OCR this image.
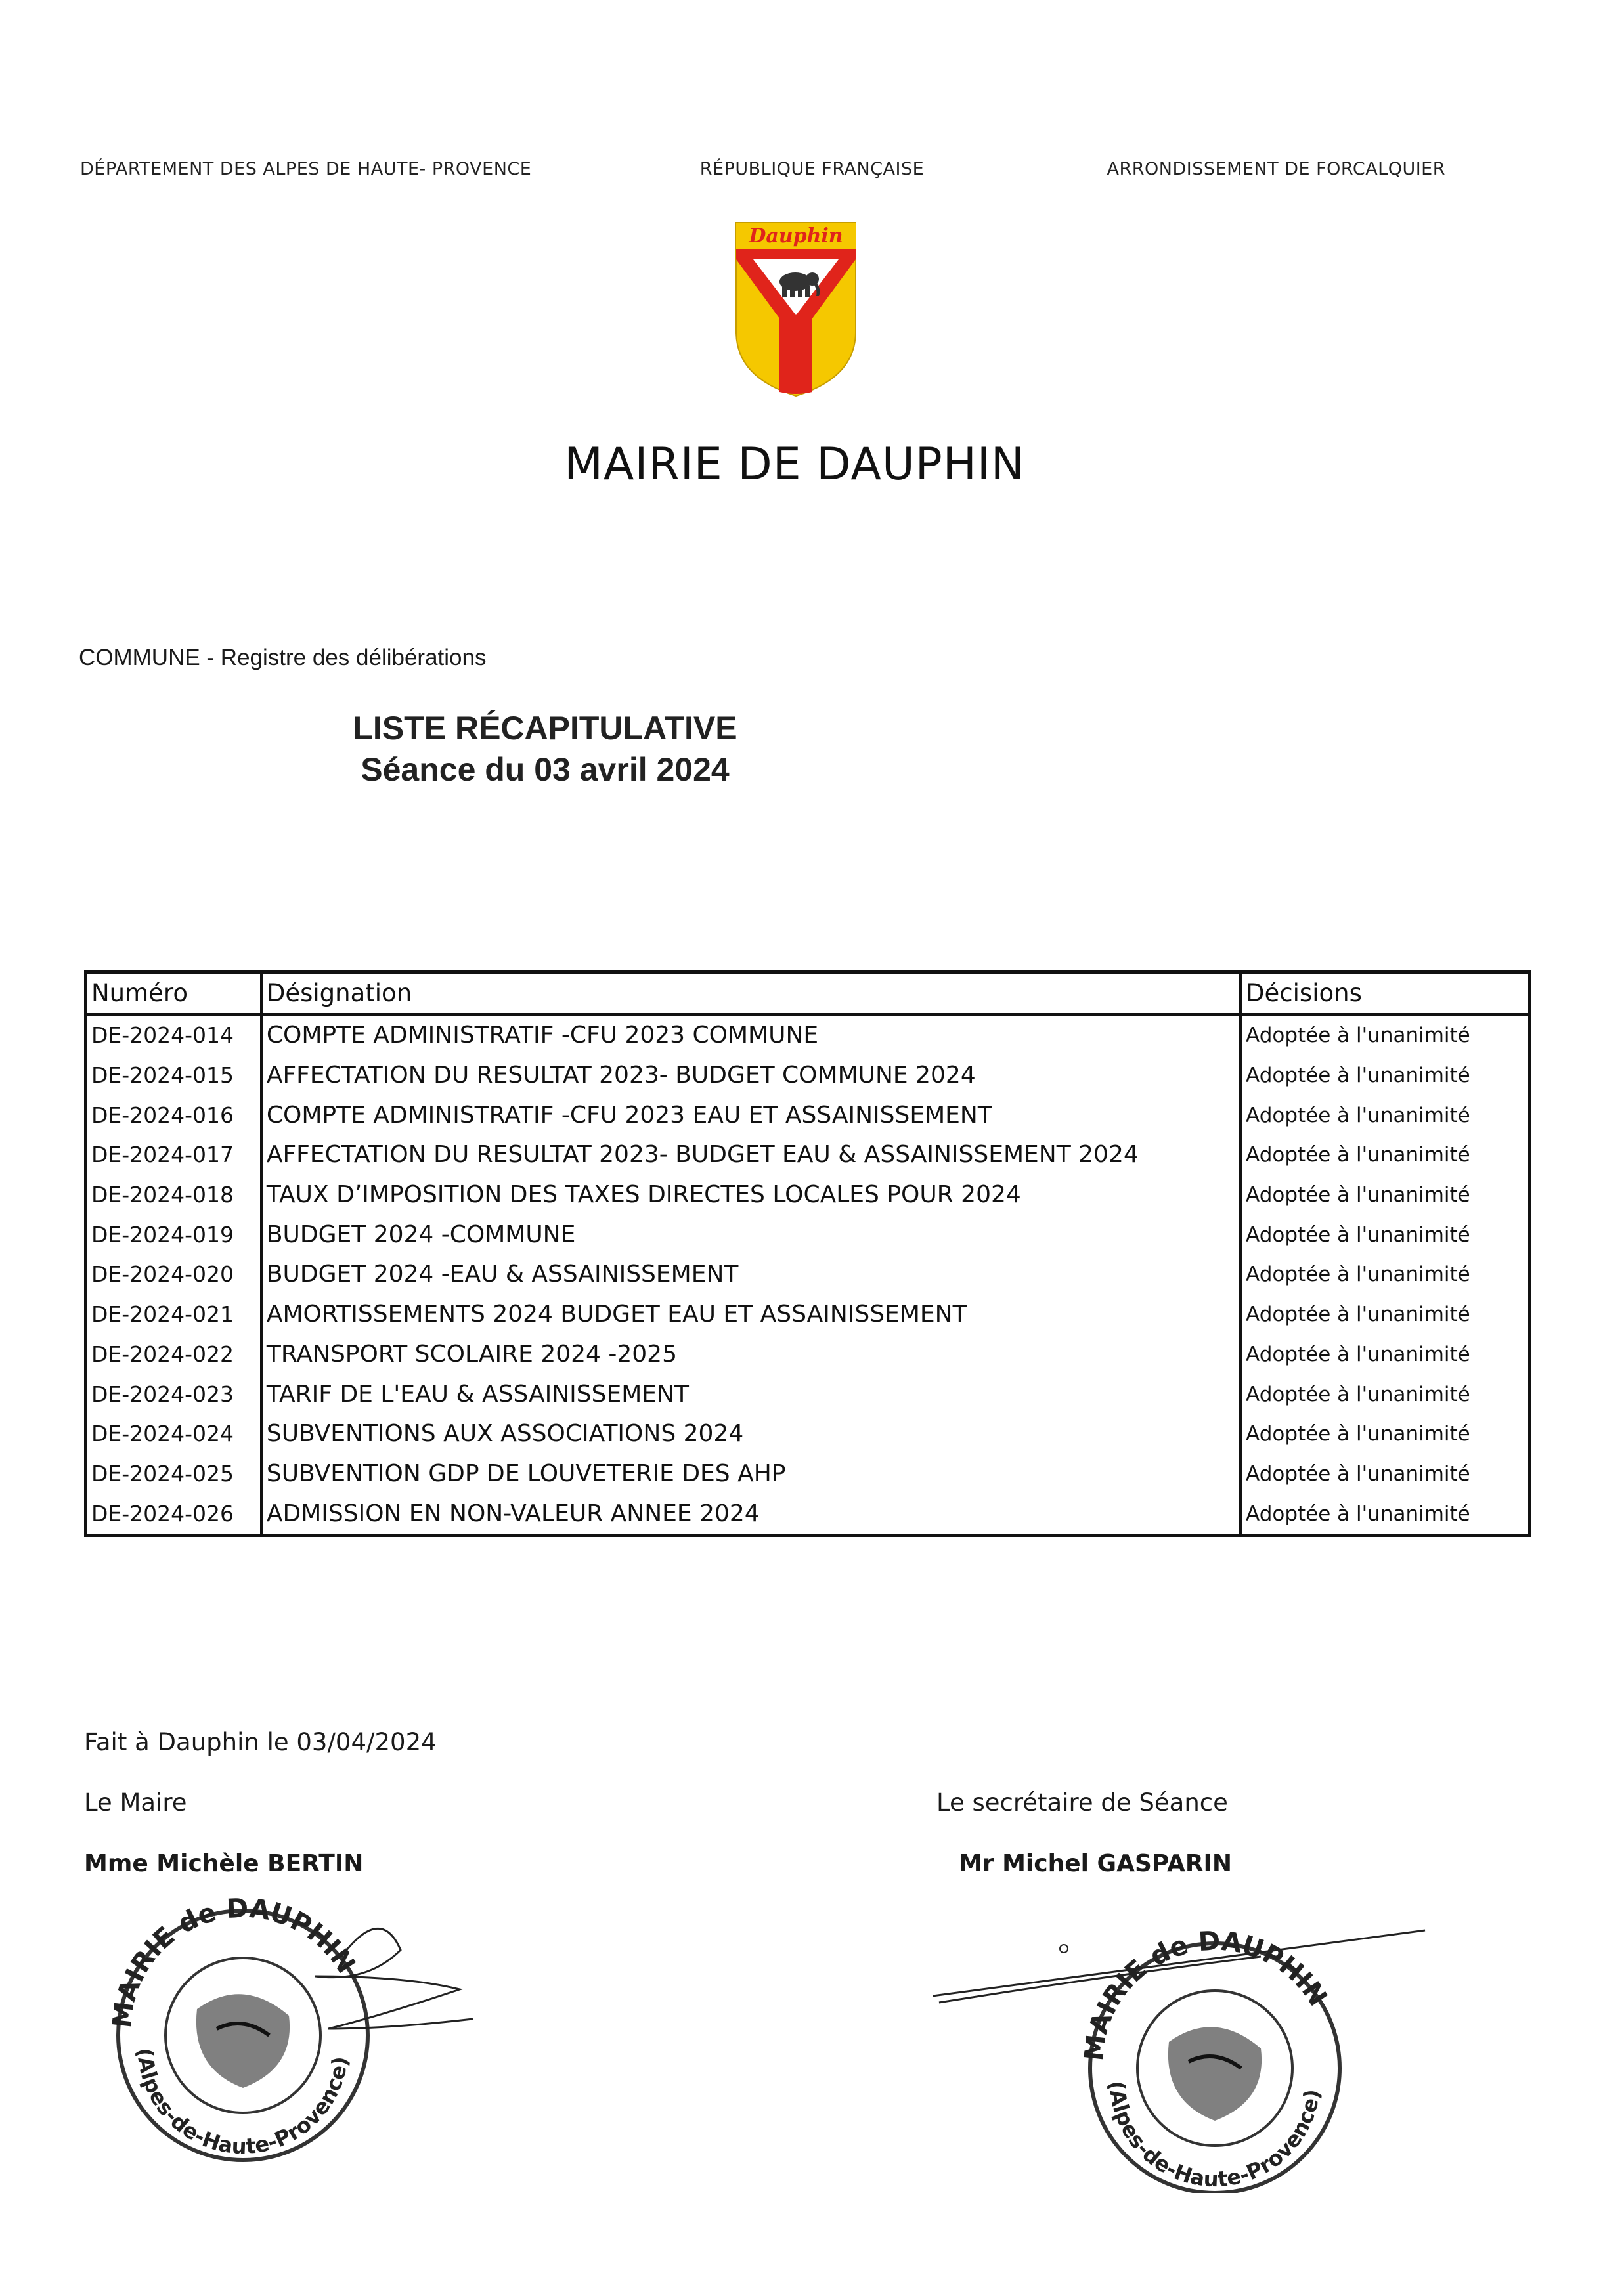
DÉPARTEMENT DES ALPES DE HAUTE- PROVENCE	RÉPUBLIQUE FRANÇAISE	ARRONDISSEMENT DE FORCALQUIER
Dauphin
MAIRIE DE DAUPHIN
COMMUNE - Registre des délibérations
LISTE RÉCAPITULATIVE
Séance du 03 avril 2024
Numéro	Désignation	Décisions
DE-2024-014	COMPTE ADMINISTRATIF -CFU 2023 COMMUNE	Adoptée à l'unanimité
DE-2024-015	AFFECTATION DU RESULTAT 2023- BUDGET COMMUNE 2024	Adoptée à l'unanimité
DE-2024-016	COMPTE ADMINISTRATIF -CFU 2023 EAU ET ASSAINISSEMENT	Adoptée à l'unanimité
DE-2024-017	AFFECTATION DU RESULTAT 2023- BUDGET EAU & ASSAINISSEMENT 2024	Adoptée à l'unanimité
DE-2024-018	TAUX D’IMPOSITION DES TAXES DIRECTES LOCALES POUR 2024	Adoptée à l'unanimité
DE-2024-019	BUDGET 2024 -COMMUNE	Adoptée à l'unanimité
DE-2024-020	BUDGET 2024 -EAU & ASSAINISSEMENT	Adoptée à l'unanimité
DE-2024-021	AMORTISSEMENTS 2024 BUDGET EAU ET ASSAINISSEMENT	Adoptée à l'unanimité
DE-2024-022	TRANSPORT SCOLAIRE 2024 -2025	Adoptée à l'unanimité
DE-2024-023	TARIF DE L'EAU & ASSAINISSEMENT	Adoptée à l'unanimité
DE-2024-024	SUBVENTIONS AUX ASSOCIATIONS 2024	Adoptée à l'unanimité
DE-2024-025	SUBVENTION GDP DE LOUVETERIE DES AHP	Adoptée à l'unanimité
DE-2024-026	ADMISSION EN NON-VALEUR ANNEE 2024	Adoptée à l'unanimité
Fait à Dauphin le 03/04/2024
Le Maire
Mme Michèle BERTIN
Le secrétaire de Séance
Mr Michel GASPARIN
MAIRIE de DAUPHIN
(Alpes-de-Haute-Provence)	MAIRIE de DAUPHIN
(Alpes-de-Haute-Provence)
